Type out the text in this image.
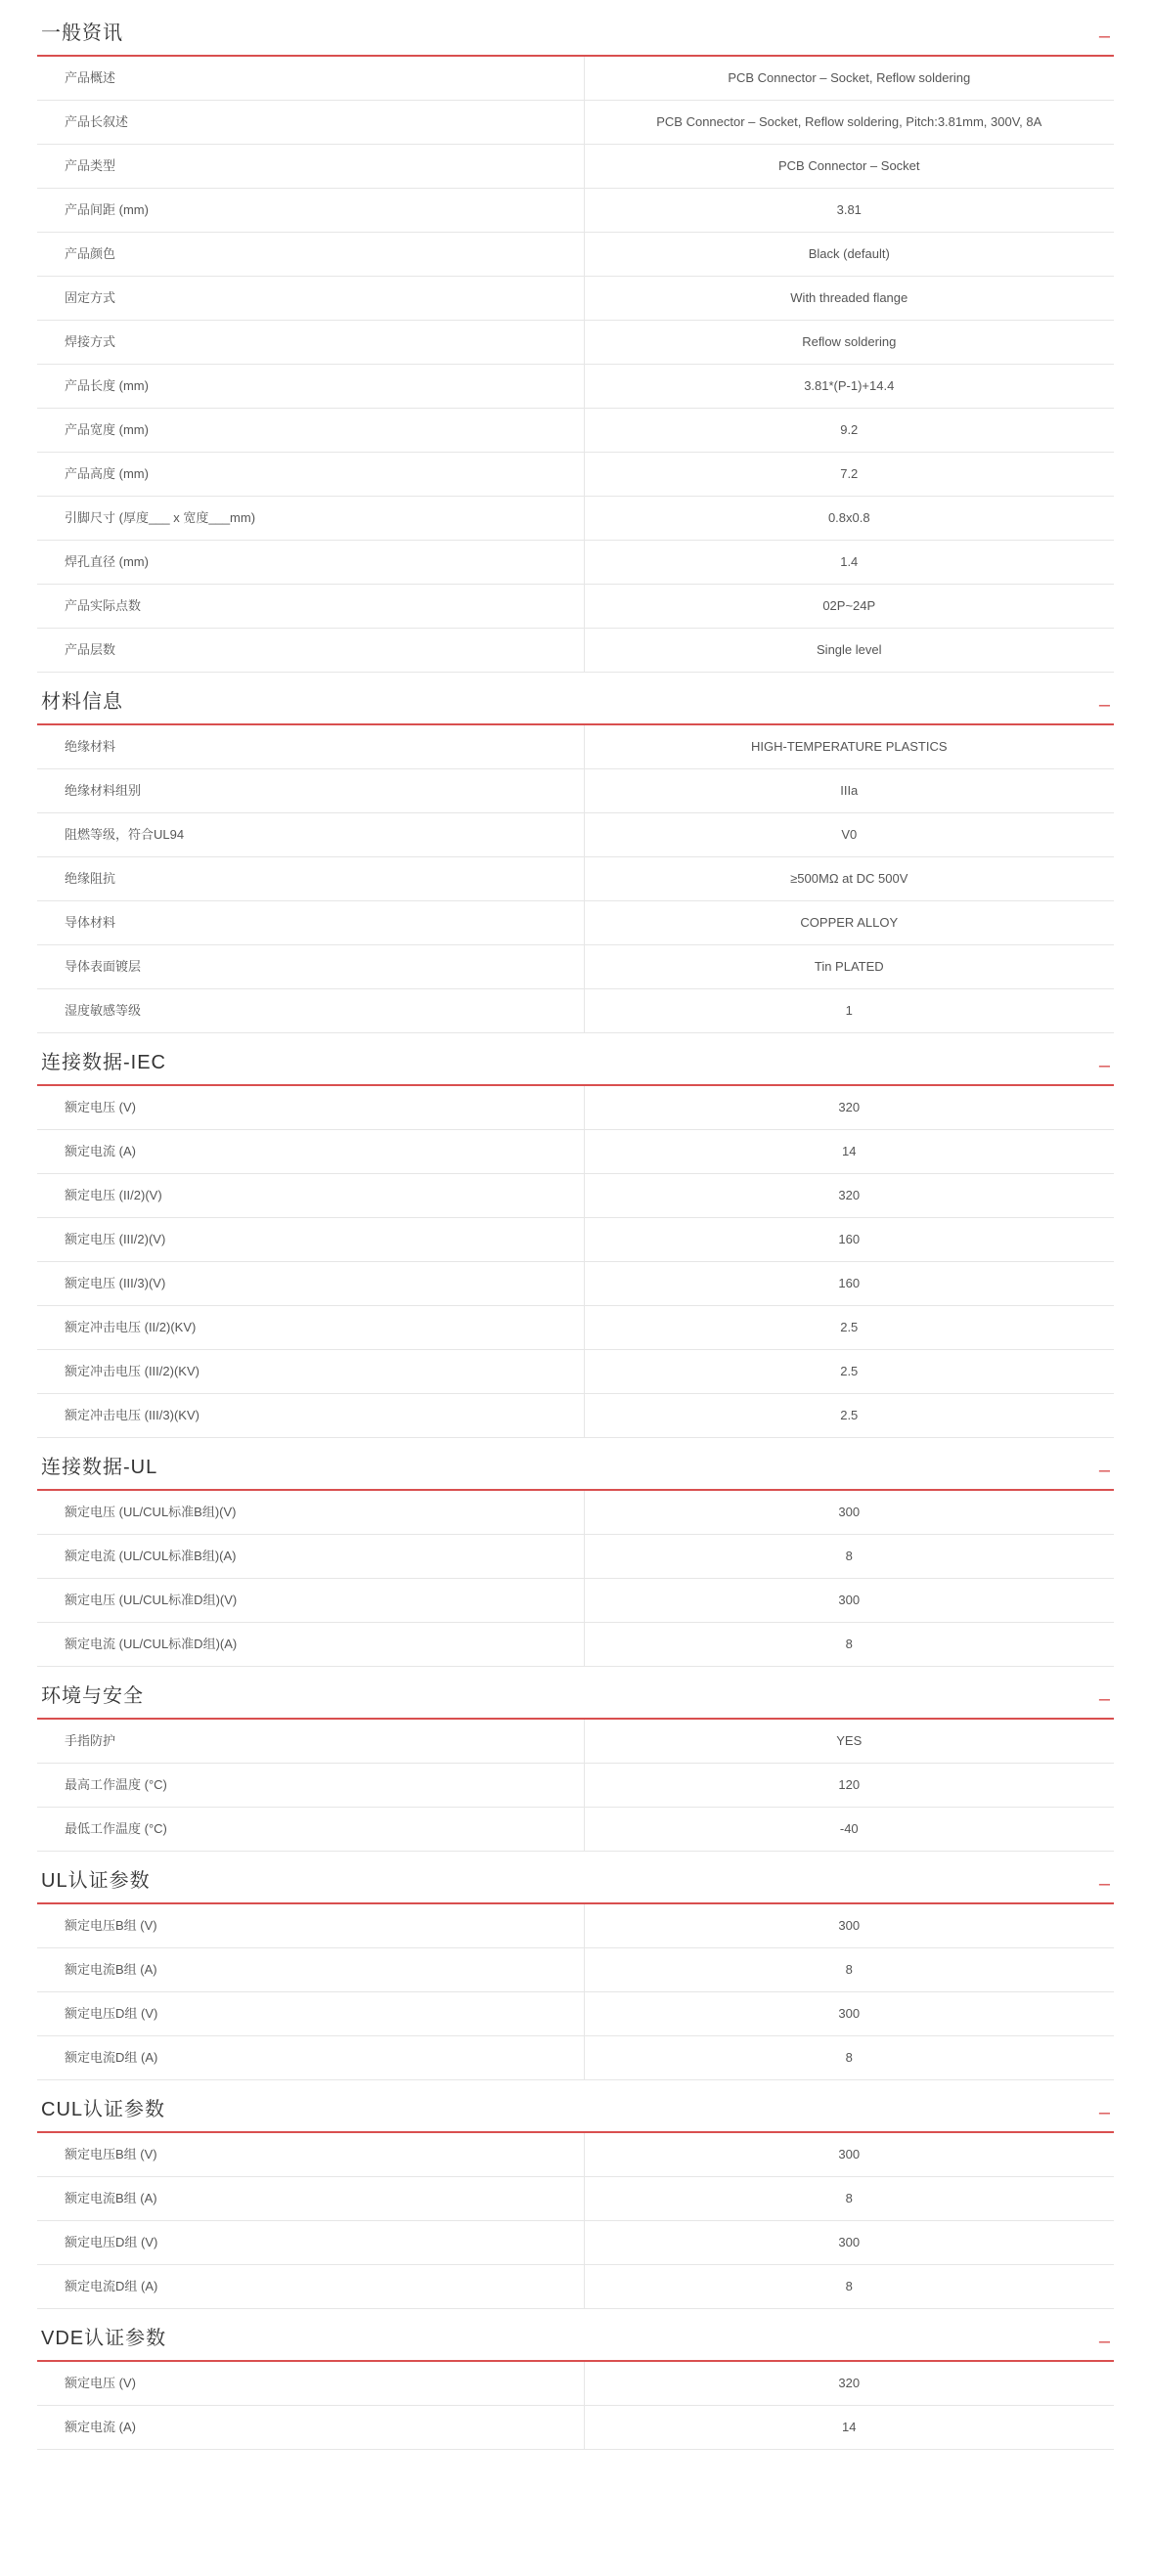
一般资讯	–
产品概述	PCB Connector – Socket, Reflow soldering
产品长叙述	PCB Connector – Socket, Reflow soldering, Pitch:3.81mm, 300V, 8A
产品类型	PCB Connector – Socket
产品间距 (mm)	3.81
产品颜色	Black (default)
固定方式	With threaded flange
焊接方式	Reflow soldering
产品长度 (mm)	3.81*(P-1)+14.4
产品宽度 (mm)	9.2
产品高度 (mm)	7.2
引脚尺寸 (厚度___ x 宽度___mm)	0.8x0.8
焊孔直径 (mm)	1.4
产品实际点数	02P~24P
产品层数	Single level
材料信息	–
绝缘材料	HIGH-TEMPERATURE PLASTICS
绝缘材料组别	IIIa
阻燃等级，符合UL94	V0
绝缘阻抗	≥500MΩ at DC 500V
导体材料	COPPER ALLOY
导体表面镀层	Tin PLATED
湿度敏感等级	1
连接数据-IEC	–
额定电压 (V)	320
额定电流 (A)	14
额定电压 (II/2)(V)	320
额定电压 (III/2)(V)	160
额定电压 (III/3)(V)	160
额定冲击电压 (II/2)(KV)	2.5
额定冲击电压 (III/2)(KV)	2.5
额定冲击电压 (III/3)(KV)	2.5
连接数据-UL	–
额定电压 (UL/CUL标准B组)(V)	300
额定电流 (UL/CUL标准B组)(A)	8
额定电压 (UL/CUL标准D组)(V)	300
额定电流 (UL/CUL标准D组)(A)	8
环境与安全	–
手指防护	YES
最高工作温度 (°C)	120
最低工作温度 (°C)	-40
UL认证参数	–
额定电压B组 (V)	300
额定电流B组 (A)	8
额定电压D组 (V)	300
额定电流D组 (A)	8
CUL认证参数	–
额定电压B组 (V)	300
额定电流B组 (A)	8
额定电压D组 (V)	300
额定电流D组 (A)	8
VDE认证参数	–
额定电压 (V)	320
额定电流 (A)	14
